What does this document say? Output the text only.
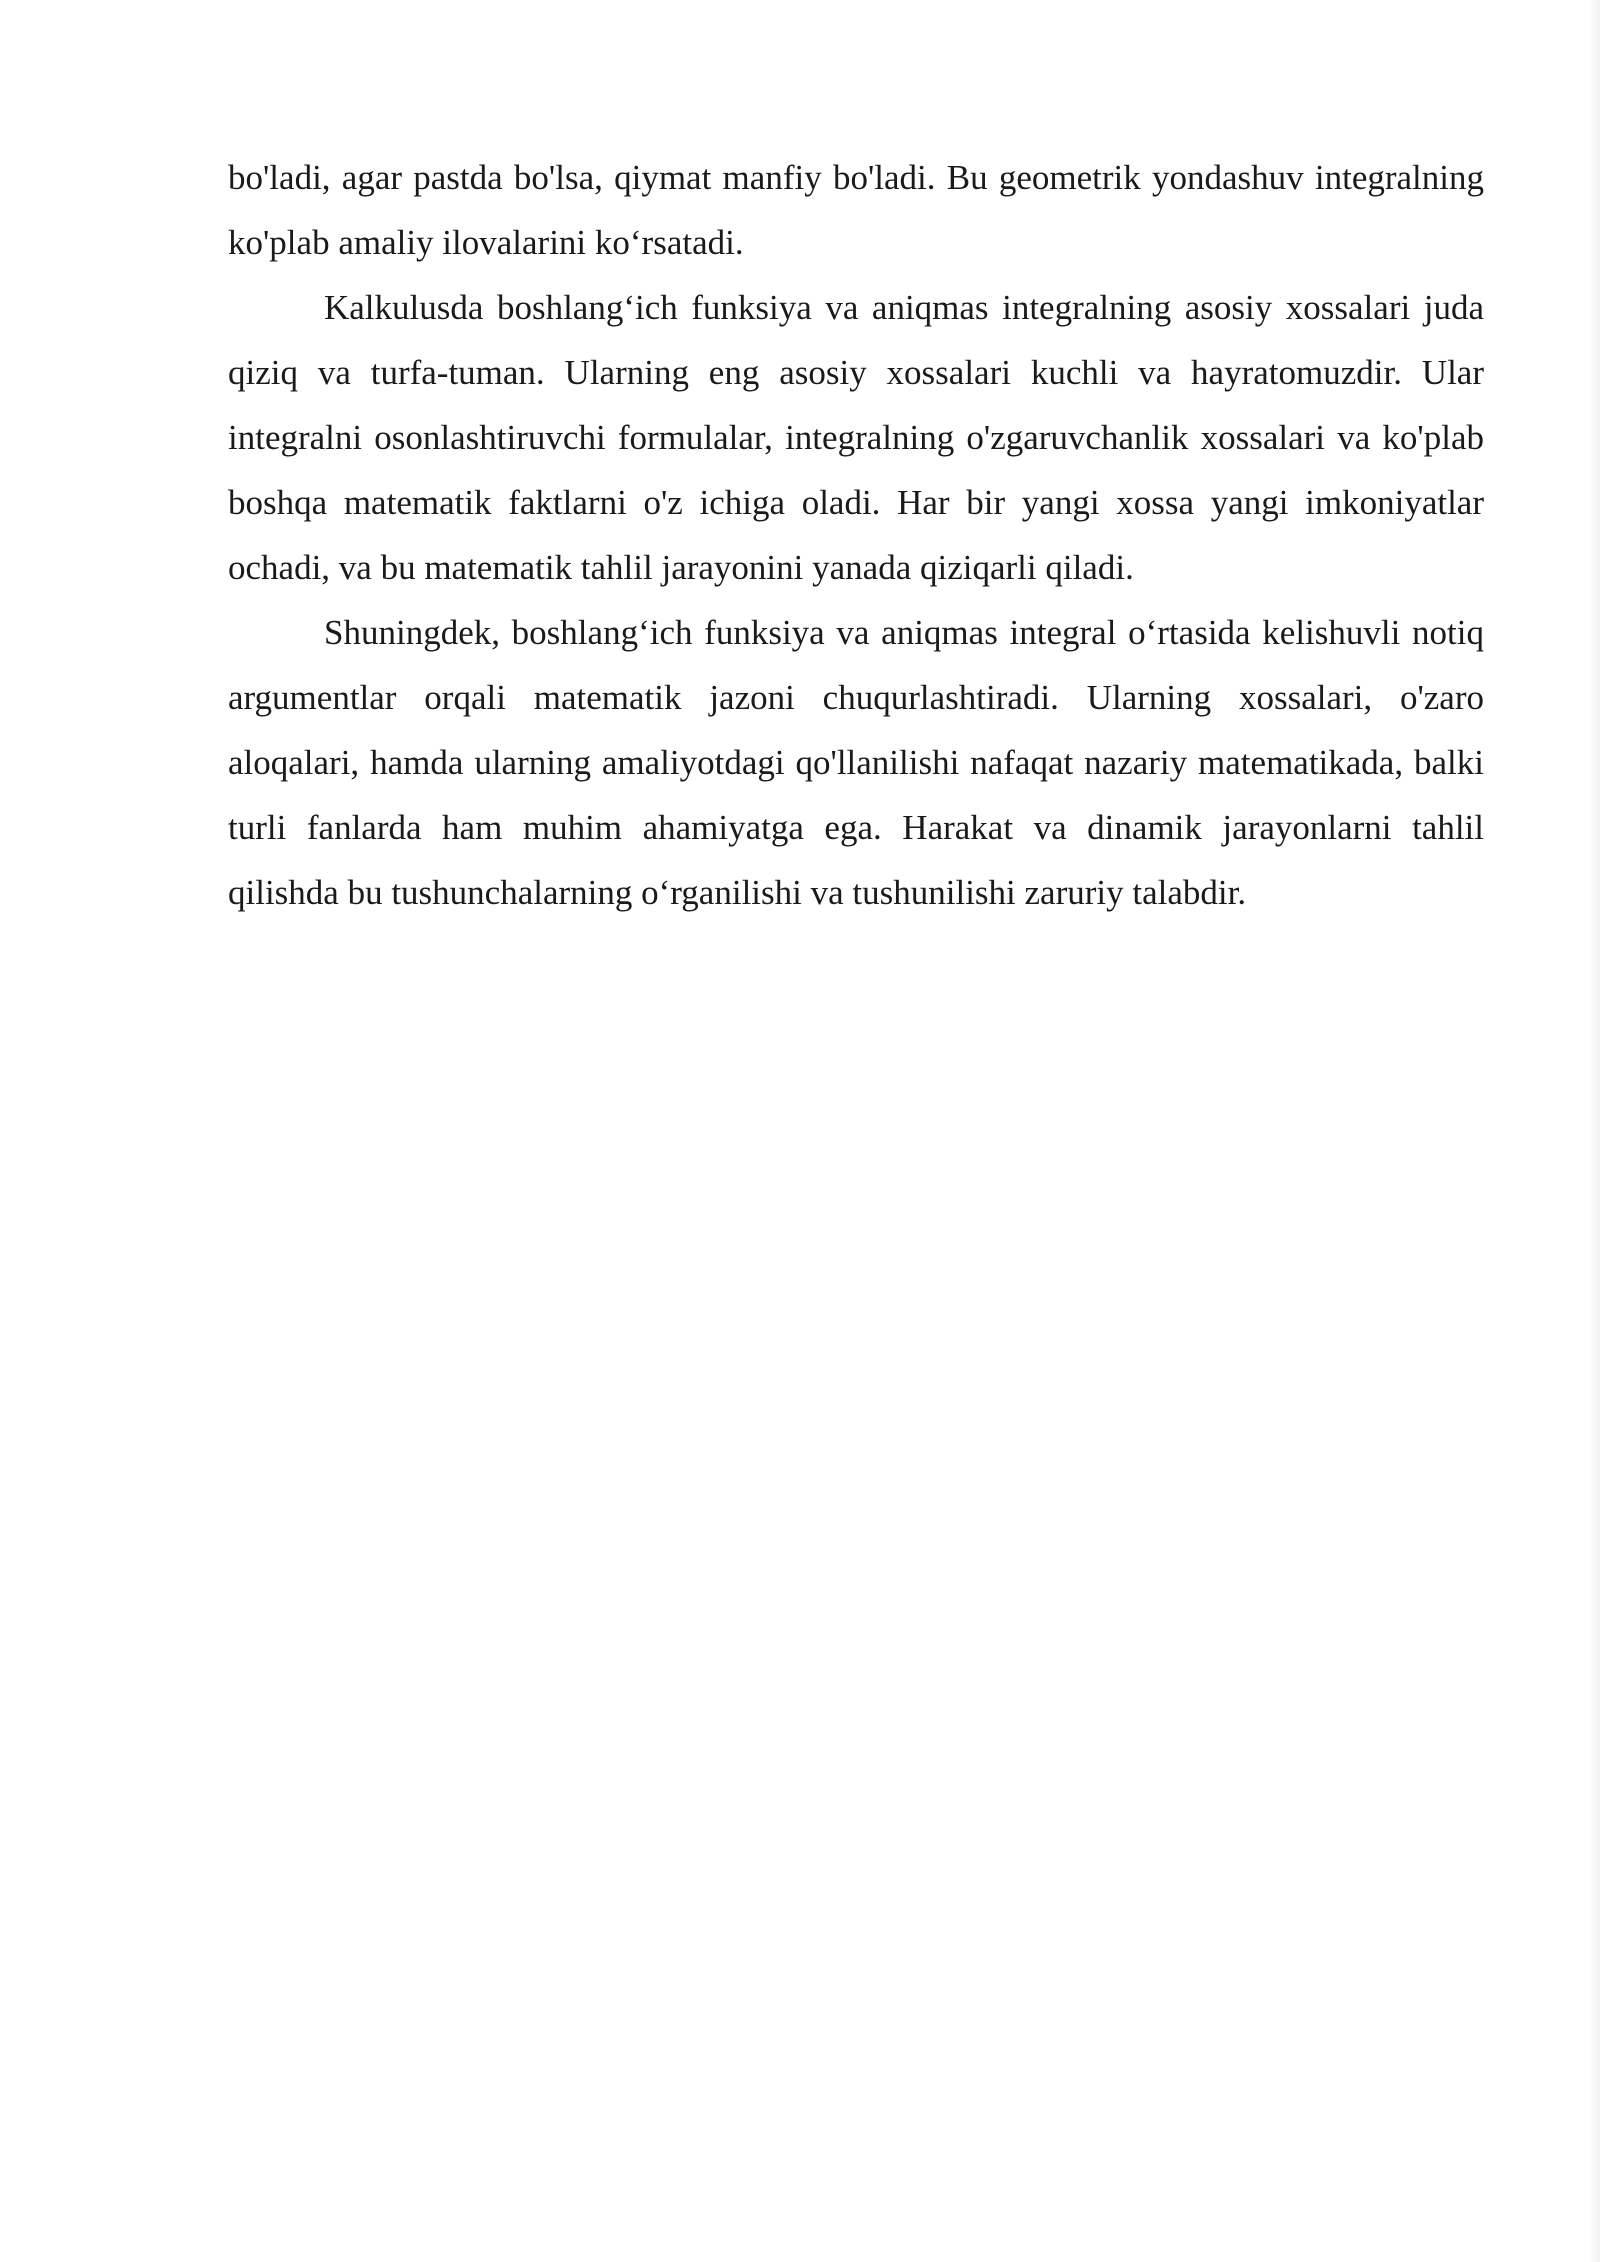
bo'ladi, agar pastda bo'lsa, qiymat manfiy bo'ladi. Bu geometrik yondashuv integralning ko'plab amaliy ilovalarini ko‘rsatadi.

Kalkulusda boshlang‘ich funksiya va aniqmas integralning asosiy xossalari juda qiziq va turfa-tuman. Ularning eng asosiy xossalari kuchli va hayratomuzdir. Ular integralni osonlashtiruvchi formulalar, integralning o'zgaruvchanlik xossalari va ko'plab boshqa matematik faktlarni o'z ichiga oladi. Har bir yangi xossa yangi imkoniyatlar ochadi, va bu matematik tahlil jarayonini yanada qiziqarli qiladi.

Shuningdek, boshlang‘ich funksiya va aniqmas integral o‘rtasida kelishuvli notiq argumentlar orqali matematik jazoni chuqurlashtiradi. Ularning xossalari, o'zaro aloqalari, hamda ularning amaliyotdagi qo'llanilishi nafaqat nazariy matematikada, balki turli fanlarda ham muhim ahamiyatga ega. Harakat va dinamik jarayonlarni tahlil qilishda bu tushunchalarning o‘rganilishi va tushunilishi zaruriy talabdir.
